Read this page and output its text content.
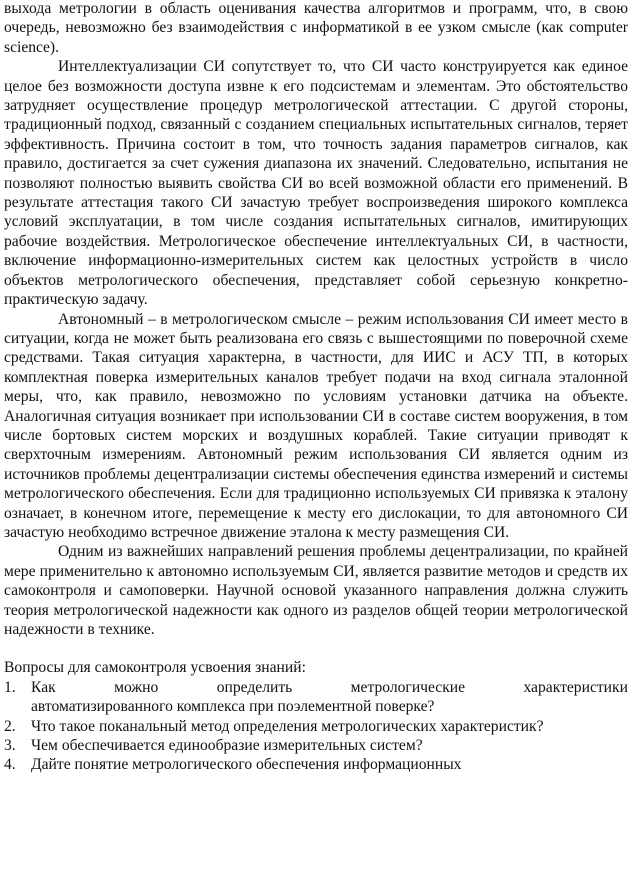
выхода метрологии в область оценивания качества алгоритмов и программ, что, в свою очередь, невозможно без взаимодействия с информатикой в ее узком смысле (как computer science).

Интеллектуализации СИ сопутствует то, что СИ часто конструируется как единое целое без возможности доступа извне к его подсистемам и элементам. Это обстоятельство затрудняет осуществление процедур метрологической аттестации. С другой стороны, традиционный подход, связанный с созданием специальных испытательных сигналов, теряет эффективность. Причина состоит в том, что точность задания параметров сигналов, как правило, достигается за счет сужения диапазона их значений. Следовательно, испытания не позволяют полностью выявить свойства СИ во всей возможной области его применений. В результате аттестация такого СИ зачастую требует воспроизведения широкого комплекса условий эксплуатации, в том числе создания испытательных сигналов, имитирующих рабочие воздействия. Метрологическое обеспечение интеллектуальных СИ, в частности, включение информационно-измерительных систем как целостных устройств в число объектов метрологического обеспечения, представляет собой серьезную конкретно-практическую задачу.

Автономный – в метрологическом смысле – режим использования СИ имеет место в ситуации, когда не может быть реализована его связь с вышестоящими по поверочной схеме средствами. Такая ситуация характерна, в частности, для ИИС и АСУ ТП, в которых комплектная поверка измерительных каналов требует подачи на вход сигнала эталонной меры, что, как правило, невозможно по условиям установки датчика на объекте. Аналогичная ситуация возникает при использовании СИ в составе систем вооружения, в том числе бортовых систем морских и воздушных кораблей. Такие ситуации приводят к сверхточным измерениям. Автономный режим использования СИ является одним из источников проблемы децентрализации системы обеспечения единства измерений и системы метрологического обеспечения. Если для традиционно используемых СИ привязка к эталону означает, в конечном итоге, перемещение к месту его дислокации, то для автономного СИ зачастую необходимо встречное движение эталона к месту размещения СИ.

Одним из важнейших направлений решения проблемы децентрализации, по крайней мере применительно к автономно используемым СИ, является развитие методов и средств их самоконтроля и самоповерки. Научной основой указанного направления должна служить теория метрологической надежности как одного из разделов общей теории метрологической надежности в технике.

Вопросы для самоконтроля усвоения знаний:

1. Как	можно	определить	метрологические	характеристики
автоматизированного комплекса при поэлементной поверке?
2. Что такое поканальный метод определения метрологических характеристик?
3. Чем обеспечивается единообразие измерительных систем?
4. Дайте понятие метрологического обеспечения информационных
